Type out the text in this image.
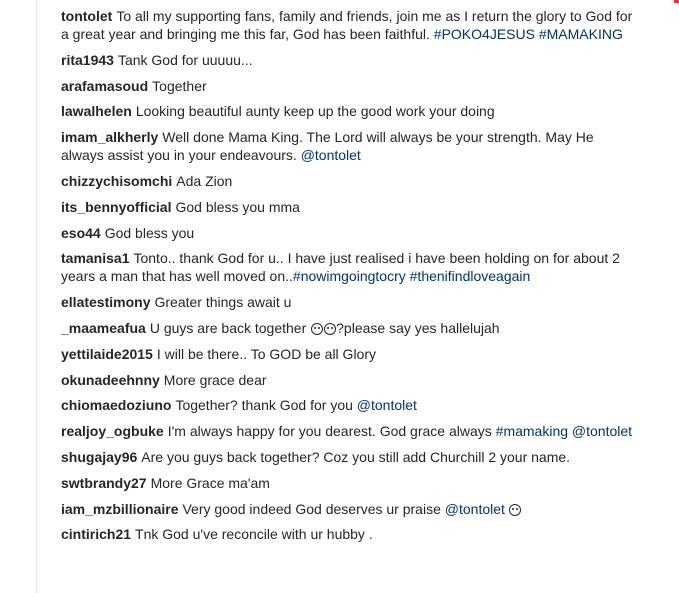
tontolet To all my supporting fans, family and friends, join me as I return the glory to God for a great year and bringing me this far, God has been faithful. #POKO4JESUS #MAMAKING
rita1943 Tank God for uuuuu...
arafamasoud Together
lawalhelen Looking beautiful aunty keep up the good work your doing
imam_alkherly Well done Mama King. The Lord will always be your strength. May He always assist you in your endeavours. @tontolet
chizzychisomchi Ada Zion
its_bennyofficial God bless you mma
eso44 God bless you
tamanisa1 Tonto.. thank God for u.. I have just realised i have been holding on for about 2 years a man that has well moved on..#nowimgoingtocry #thenifindloveagain
ellatestimony Greater things await u
_maameafua U guys are back together ?please say yes hallelujah
yettilaide2015 I will be there.. To GOD be all Glory
okunadeehnny More grace dear
chiomaedoziuno Together? thank God for you @tontolet
realjoy_ogbuke I'm always happy for you dearest. God grace always #mamaking @tontolet
shugajay96 Are you guys back together? Coz you still add Churchill 2 your name.
swtbrandy27 More Grace ma'am
iam_mzbillionaire Very good indeed God deserves ur praise @tontolet
cintirich21 Tnk God u've reconcile with ur hubby .
